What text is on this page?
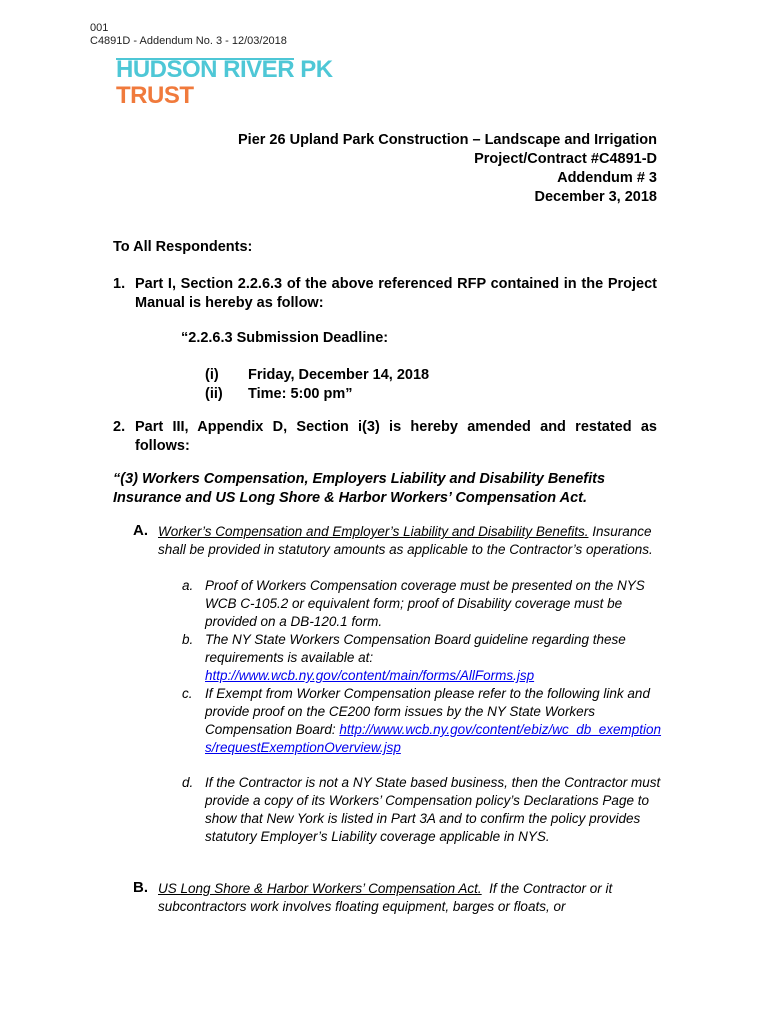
001
C4891D - Addendum No. 3 - 12/03/2018
HUDSON RIVER PK
TRUST
Pier 26 Upland Park Construction – Landscape and Irrigation
Project/Contract #C4891-D
Addendum # 3
December 3, 2018
To All Respondents:
1. Part I, Section 2.2.6.3 of the above referenced RFP contained in the Project Manual is hereby as follow:
“2.2.6.3 Submission Deadline:
(i) Friday, December 14, 2018
(ii) Time: 5:00 pm”
2. Part III, Appendix D, Section i(3) is hereby amended and restated as follows:
“(3) Workers Compensation, Employers Liability and Disability Benefits Insurance and US Long Shore & Harbor Workers’ Compensation Act.
A. Worker’s Compensation and Employer’s Liability and Disability Benefits. Insurance shall be provided in statutory amounts as applicable to the Contractor’s operations.
a. Proof of Workers Compensation coverage must be presented on the NYS WCB C-105.2 or equivalent form; proof of Disability coverage must be provided on a DB-120.1 form.
b. The NY State Workers Compensation Board guideline regarding these requirements is available at:
http://www.wcb.ny.gov/content/main/forms/AllForms.jsp
c. If Exempt from Worker Compensation please refer to the following link and provide proof on the CE200 form issues by the NY State Workers Compensation Board: http://www.wcb.ny.gov/content/ebiz/wc_db_exemptions/requestExemptionOverview.jsp
d. If the Contractor is not a NY State based business, then the Contractor must provide a copy of its Workers’ Compensation policy’s Declarations Page to show that New York is listed in Part 3A and to confirm the policy provides statutory Employer’s Liability coverage applicable in NYS.
B. US Long Shore & Harbor Workers’ Compensation Act. If the Contractor or it subcontractors work involves floating equipment, barges or floats, or
